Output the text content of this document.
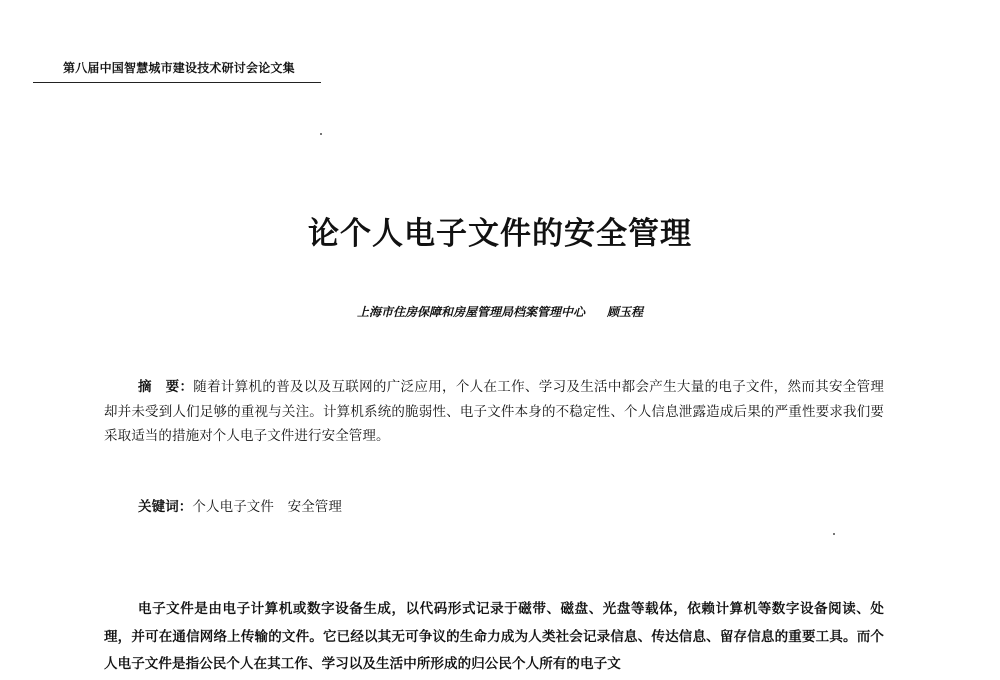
第八届中国智慧城市建设技术研讨会论文集
论个人电子文件的安全管理
上海市住房保障和房屋管理局档案管理中心 顾玉程
摘　要：随着计算机的普及以及互联网的广泛应用，个人在工作、学习及生活中都会产生大量的电子文件，然而其安全管理却并未受到人们足够的重视与关注。计算机系统的脆弱性、电子文件本身的不稳定性、个人信息泄露造成后果的严重性要求我们要采取适当的措施对个人电子文件进行安全管理。
关键词：个人电子文件　安全管理
电子文件是由电子计算机或数字设备生成，以代码形式记录于磁带、磁盘、光盘等载体，依赖计算机等数字设备阅读、处理，并可在通信网络上传输的文件。它已经以其无可争议的生命力成为人类社会记录信息、传达信息、留存信息的重要工具。而个人电子文件是指公民个人在其工作、学习以及生活中所形成的归公民个人所有的电子文
